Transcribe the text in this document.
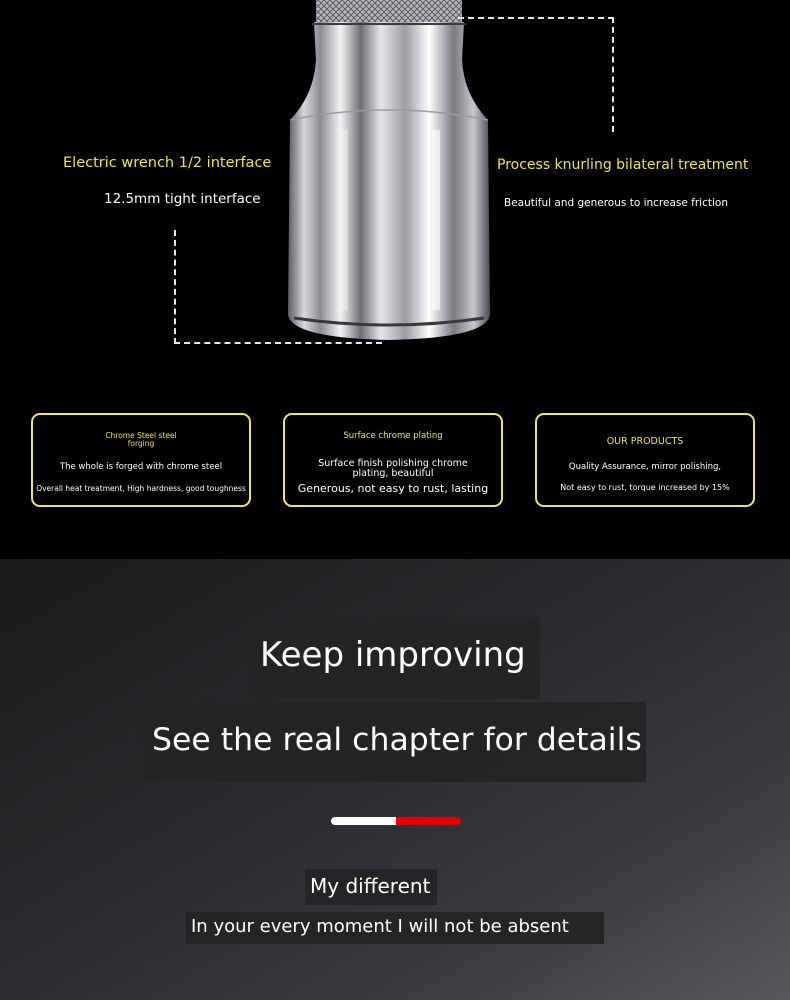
Electric wrench 1/2 interface
12.5mm tight interface
Process knurling bilateral treatment
Beautiful and generous to increase friction
Chrome Steel steel forging
The whole is forged with chrome steel
Overall heat treatment, High hardness, good toughness
Surface chrome plating
Surface finish polishing chrome plating, beautiful
Generous, not easy to rust, lasting
OUR PRODUCTS
Quality Assurance, mirror polishing,
Not easy to rust, torque increased by 15%
Keep improving
See the real chapter for details
My different
In your every moment I will not be absent
